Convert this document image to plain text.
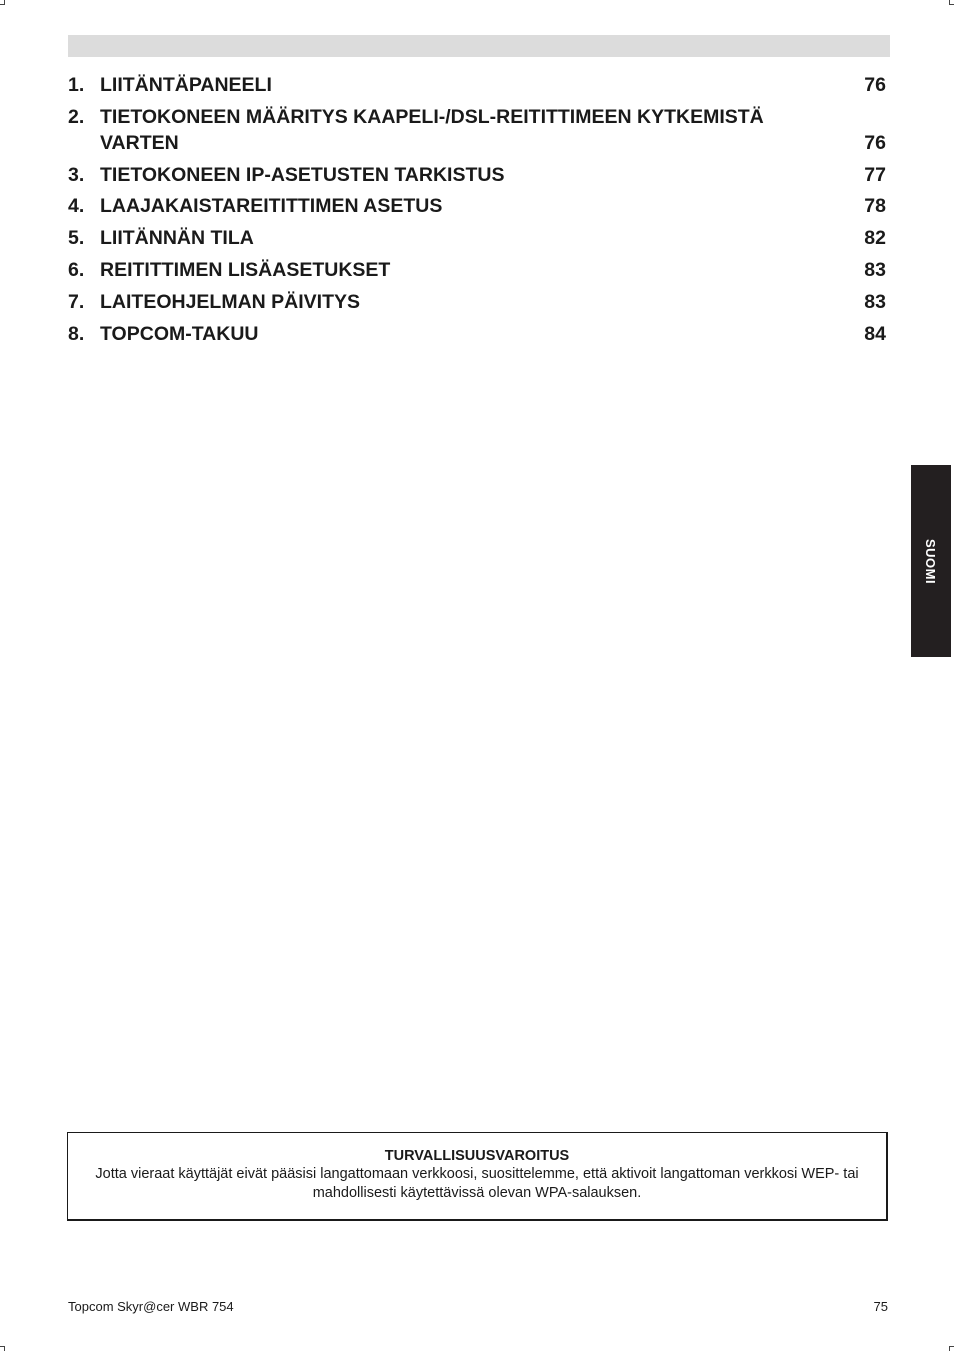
1. LIITÄNTÄPANEELI	76
2. TIETOKONEEN MÄÄRITYS KAAPELI-/DSL-REITITTIMEEN KYTKEMISTÄ VARTEN	76
3. TIETOKONEEN IP-ASETUSTEN TARKISTUS	77
4. LAAJAKAISTAREITITTIMEN ASETUS	78
5. LIITÄNNÄN TILA	82
6. REITITTIMEN LISÄASETUKSET	83
7. LAITEOHJELMAN PÄIVITYS	83
8. TOPCOM-TAKUU	84
SUOMI
TURVALLISUUSVAROITUS
Jotta vieraat käyttäjät eivät pääsisi langattomaan verkkoosi, suosittelemme, että aktivoit langattoman verkkosi WEP- tai mahdollisesti käytettävissä olevan WPA-salauksen.
Topcom Skyr@cer WBR 754	75
